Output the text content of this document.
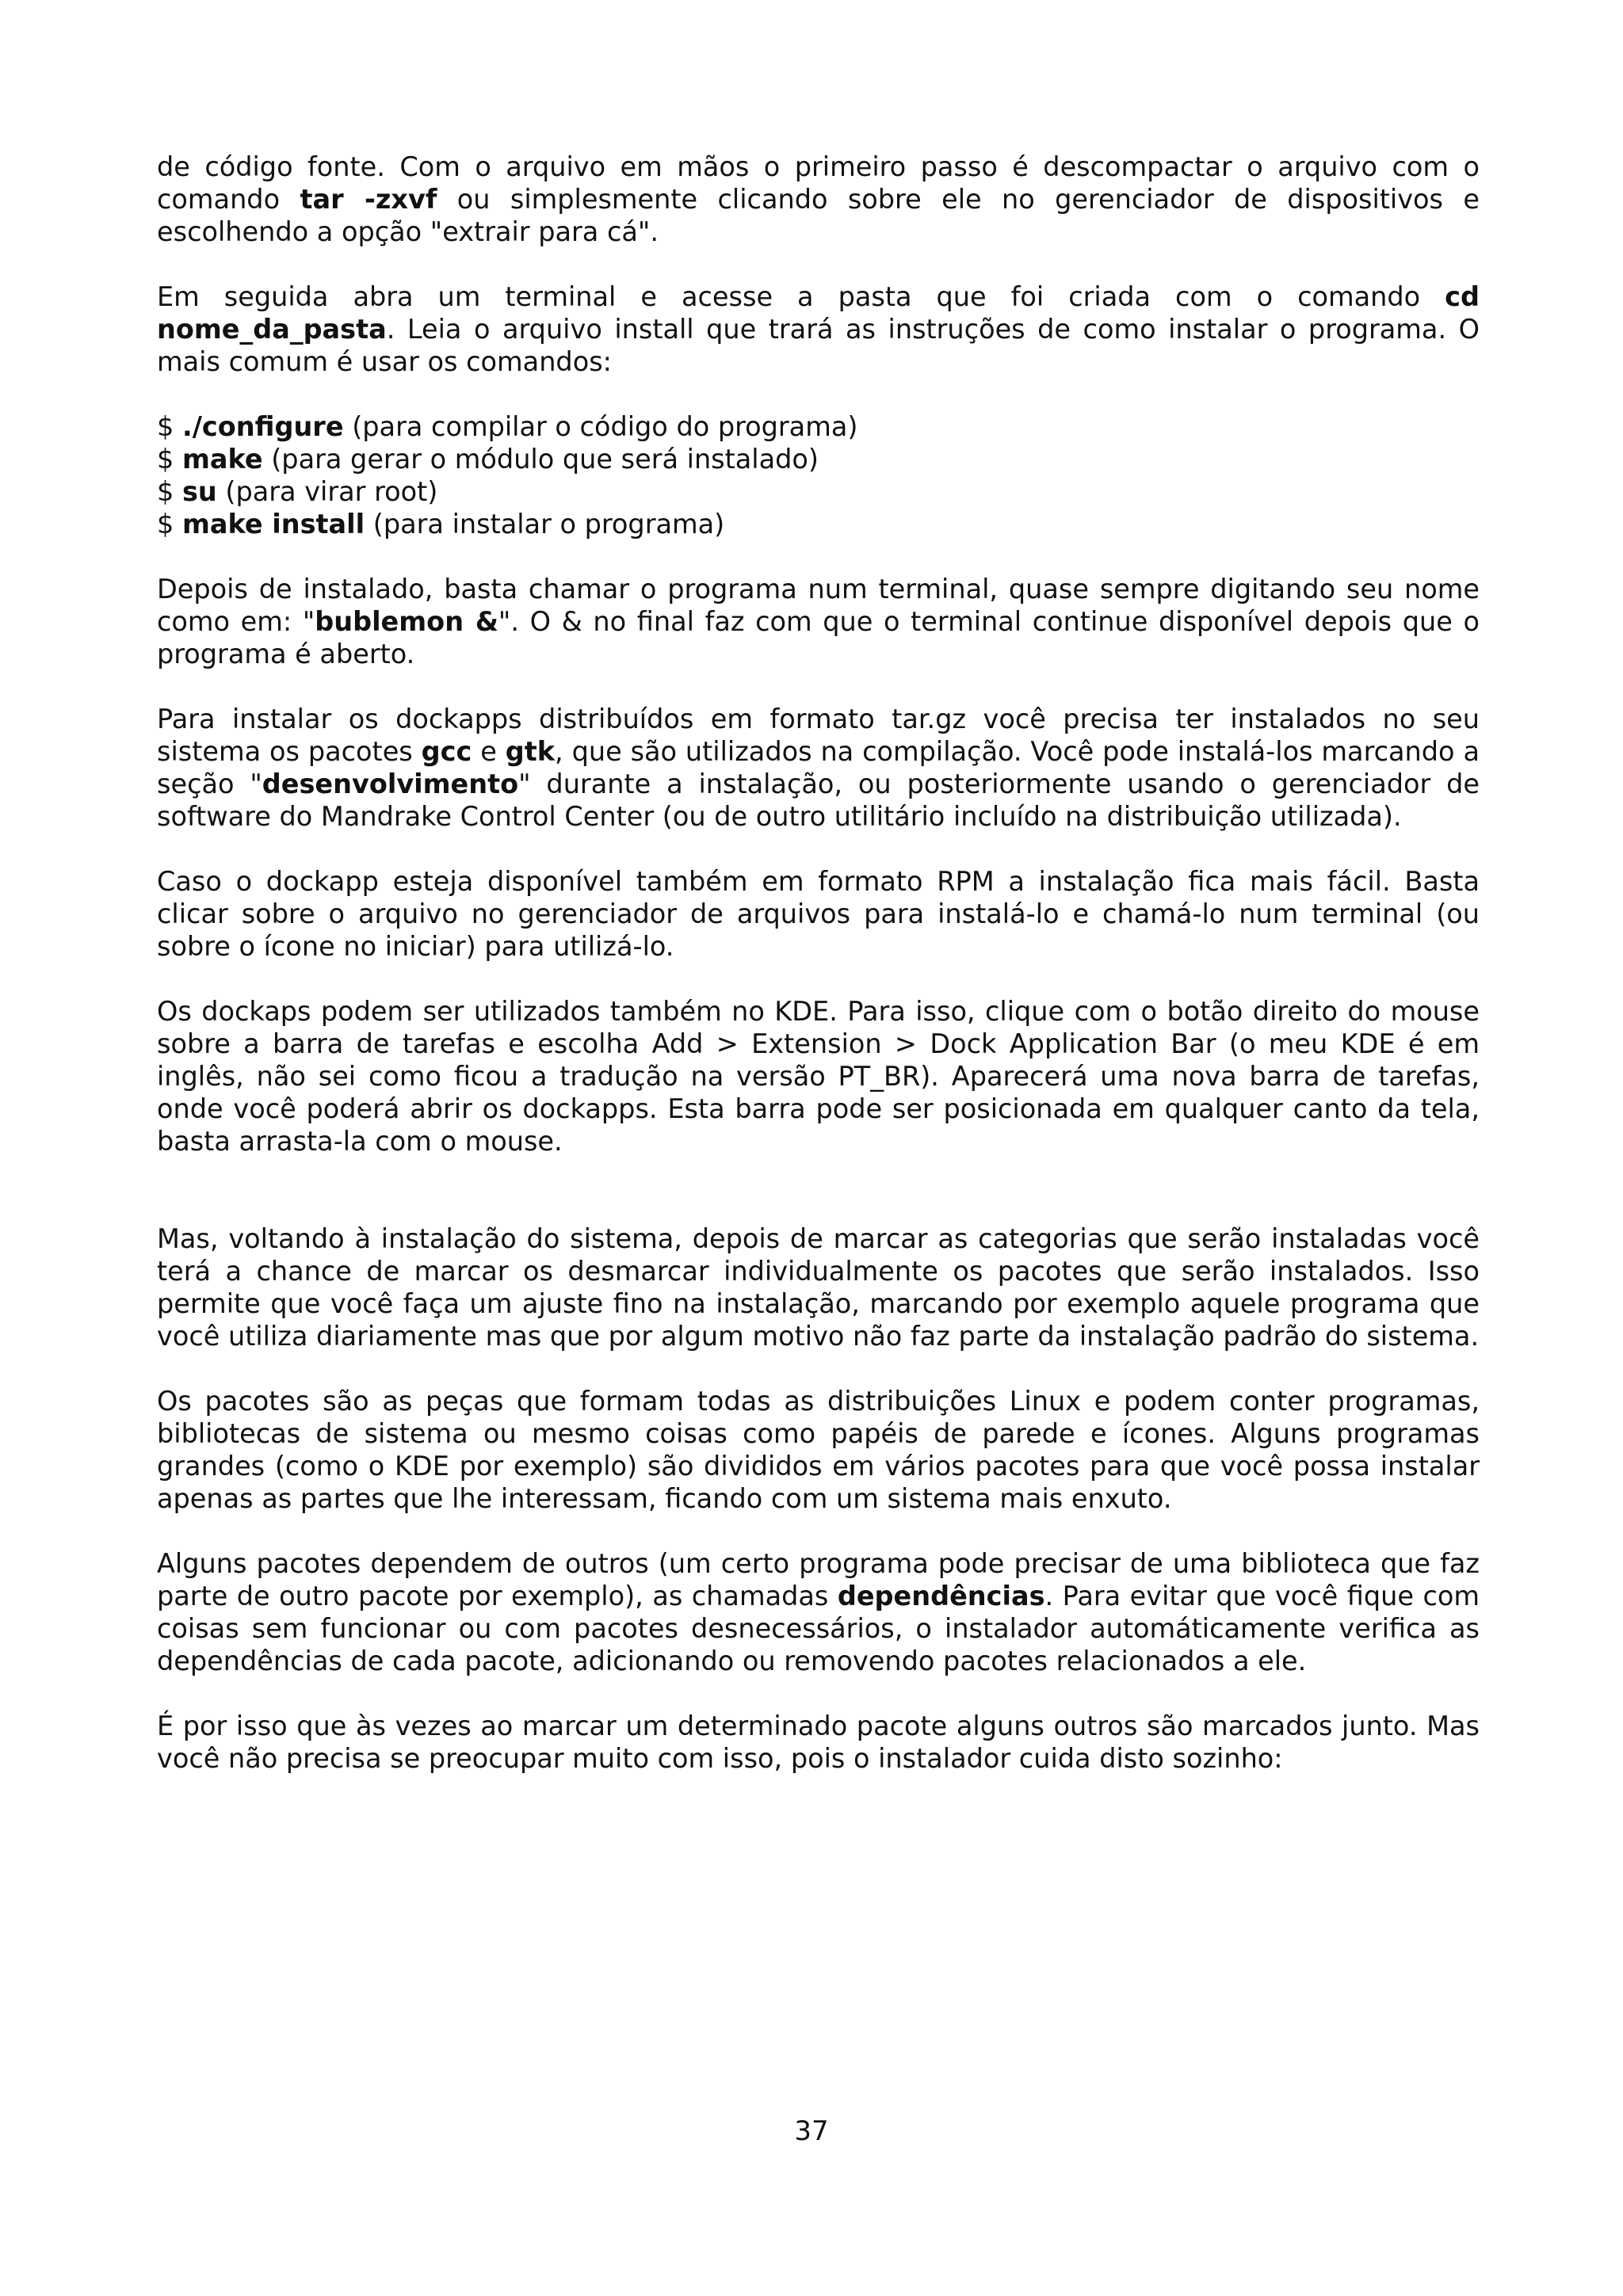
de código fonte. Com o arquivo em mãos o primeiro passo é descompactar o arquivo com o comando tar -zxvf ou simplesmente clicando sobre ele no gerenciador de dispositivos e escolhendo a opção "extrair para cá".

Em seguida abra um terminal e acesse a pasta que foi criada com o comando cd nome_da_pasta. Leia o arquivo install que trará as instruções de como instalar o programa. O mais comum é usar os comandos:

$ ./configure (para compilar o código do programa)
$ make (para gerar o módulo que será instalado)
$ su (para virar root)
$ make install (para instalar o programa)

Depois de instalado, basta chamar o programa num terminal, quase sempre digitando seu nome como em: "bublemon &". O & no final faz com que o terminal continue disponível depois que o programa é aberto.

Para instalar os dockapps distribuídos em formato tar.gz você precisa ter instalados no seu sistema os pacotes gcc e gtk, que são utilizados na compilação. Você pode instalá-los marcando a seção "desenvolvimento" durante a instalação, ou posteriormente usando o gerenciador de software do Mandrake Control Center (ou de outro utilitário incluído na distribuição utilizada).

Caso o dockapp esteja disponível também em formato RPM a instalação fica mais fácil. Basta clicar sobre o arquivo no gerenciador de arquivos para instalá-lo e chamá-lo num terminal (ou sobre o ícone no iniciar) para utilizá-lo.

Os dockaps podem ser utilizados também no KDE. Para isso, clique com o botão direito do mouse sobre a barra de tarefas e escolha Add > Extension > Dock Application Bar (o meu KDE é em inglês, não sei como ficou a tradução na versão PT_BR). Aparecerá uma nova barra de tarefas, onde você poderá abrir os dockapps. Esta barra pode ser posicionada em qualquer canto da tela, basta arrasta-la com o mouse.

Mas, voltando à instalação do sistema, depois de marcar as categorias que serão instaladas você terá a chance de marcar os desmarcar individualmente os pacotes que serão instalados. Isso permite que você faça um ajuste fino na instalação, marcando por exemplo aquele programa que você utiliza diariamente mas que por algum motivo não faz parte da instalação padrão do sistema.

Os pacotes são as peças que formam todas as distribuições Linux e podem conter programas, bibliotecas de sistema ou mesmo coisas como papéis de parede e ícones. Alguns programas grandes (como o KDE por exemplo) são divididos em vários pacotes para que você possa instalar apenas as partes que lhe interessam, ficando com um sistema mais enxuto.

Alguns pacotes dependem de outros (um certo programa pode precisar de uma biblioteca que faz parte de outro pacote por exemplo), as chamadas dependências. Para evitar que você fique com coisas sem funcionar ou com pacotes desnecessários, o instalador automáticamente verifica as dependências de cada pacote, adicionando ou removendo pacotes relacionados a ele.

É por isso que às vezes ao marcar um determinado pacote alguns outros são marcados junto. Mas você não precisa se preocupar muito com isso, pois o instalador cuida disto sozinho:

37
